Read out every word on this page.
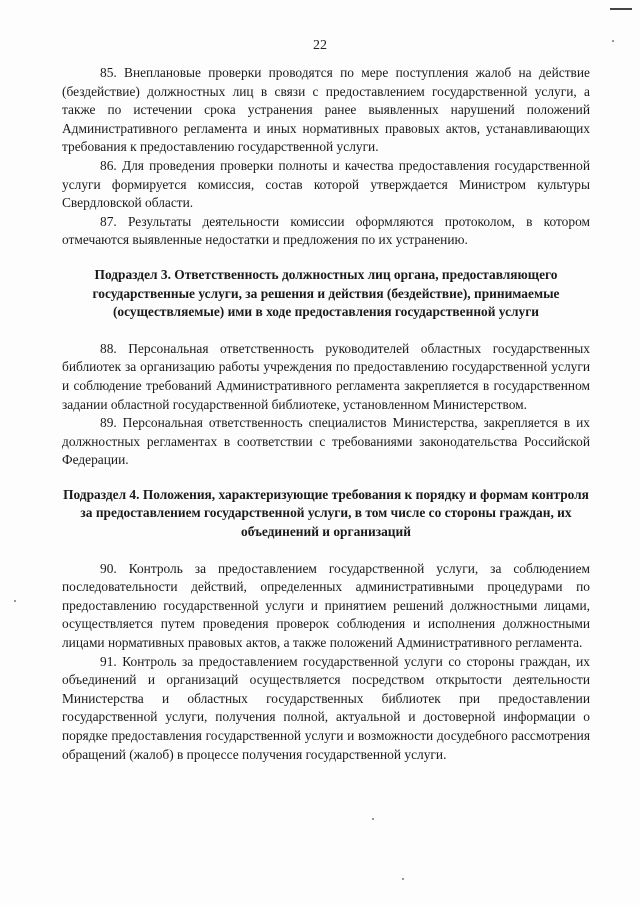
22

85. Внеплановые проверки проводятся по мере поступления жалоб на действие (бездействие) должностных лиц в связи с предоставлением государственной услуги, а также по истечении срока устранения ранее выявленных нарушений положений Административного регламента и иных нормативных правовых актов, устанавливающих требования к предоставлению государственной услуги.

86. Для проведения проверки полноты и качества предоставления государственной услуги формируется комиссия, состав которой утверждается Министром культуры Свердловской области.

87. Результаты деятельности комиссии оформляются протоколом, в котором отмечаются выявленные недостатки и предложения по их устранению.

Подраздел 3. Ответственность должностных лиц органа, предоставляющего государственные услуги, за решения и действия (бездействие), принимаемые (осуществляемые) ими в ходе предоставления государственной услуги

88. Персональная ответственность руководителей областных государственных библиотек за организацию работы учреждения по предоставлению государственной услуги и соблюдение требований Административного регламента закрепляется в государственном задании областной государственной библиотеке, установленном Министерством.

89. Персональная ответственность специалистов Министерства, закрепляется в их должностных регламентах в соответствии с требованиями законодательства Российской Федерации.

Подраздел 4. Положения, характеризующие требования к порядку и формам контроля за предоставлением государственной услуги, в том числе со стороны граждан, их объединений и организаций

90. Контроль за предоставлением государственной услуги, за соблюдением последовательности действий, определенных административными процедурами по предоставлению государственной услуги и принятием решений должностными лицами, осуществляется путем проведения проверок соблюдения и исполнения должностными лицами нормативных правовых актов, а также положений Административного регламента.

91. Контроль за предоставлением государственной услуги со стороны граждан, их объединений и организаций осуществляется посредством открытости деятельности Министерства и областных государственных библиотек при предоставлении государственной услуги, получения полной, актуальной и достоверной информации о порядке предоставления государственной услуги и возможности досудебного рассмотрения обращений (жалоб) в процессе получения государственной услуги.
